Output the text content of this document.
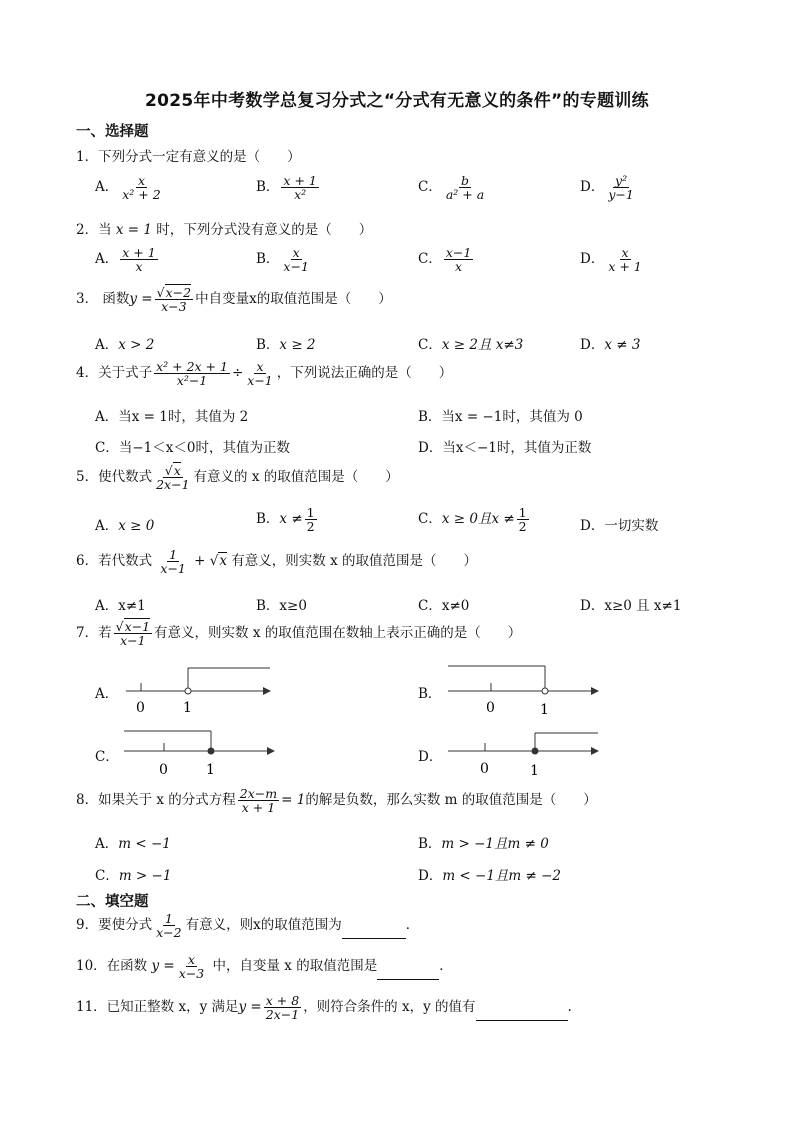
2025年中考数学总复习分式之“分式有无意义的条件”的专题训练
一、选择题
1．下列分式一定有意义的是（　　）
A． $\frac{x}{\text{x² + 2}}$	B． $\frac{x + 1}{\text{x²}}$	C． $\frac{b}{\text{a² + a}}$	D． $\frac{\text{y²}}{y-1}$
2．当 x = 1 时，下列分式没有意义的是（　　）
A． $\frac{x + 1}{x}$	B． $\frac{x}{x-1}$	C． $\frac{x-1}{x}$	D． $\frac{x}{x + 1}$
3． 函数$y = \frac{√x-2}{x-3}$ 中自变量x的取值范围是（　　）
A．x > 2	B．x ≥ 2	C．x ≥ 2且 x≠3	D．x ≠ 3
4．关于式子 $\frac{\text{x² + 2x + 1}}{\text{x²−1}} \div \frac{x}{x-1}$ ，下列说法正确的是（　　）
A．当x = 1时，其值为 2	B．当x = −1时，其值为 0
C．当−1＜x＜0时，其值为正数	D．当x＜−1时，其值为正数
5．使代数式 $\frac{√x}{2x-1}$ 有意义的 x 的取值范围是（　　）
A．x ≥ 0	B．$x \ne \frac{1}{2}$	C．x ≥ 0且$x \ne \frac{1}{2}$	D．一切实数
6．若代数式 $\frac{1}{x-1} + √x$ 有意义，则实数 x 的取值范围是（　　）
A．x≠1	B．x≥0	C．x≠0	D．x≥0 且 x≠1
7．若 $\frac{√x-1}{x-1}$ 有意义，则实数 x 的取值范围在数轴上表示正确的是（　　）
A．	B．
C．	D．
0	1	0	1
0	1	0	1
8．如果关于 x 的分式方程 $\frac{2x-m}{x + 1} = 1$的解是负数，那么实数 m 的取值范围是（　　）
A．m < −1	B．m > −1且m ≠ 0
C．m > −1	D．m < −1且m ≠ −2
二、填空题
9．要使分式 $\frac{1}{x-2}$ 有意义，则x的取值范围为	．
10．在函数 $y = \frac{x}{x-3}$ 中，自变量 x 的取值范围是	．
11．已知正整数 x，y 满足$y = \frac{x + 8}{2x-1}$ ，则符合条件的 x，y 的值有	.
